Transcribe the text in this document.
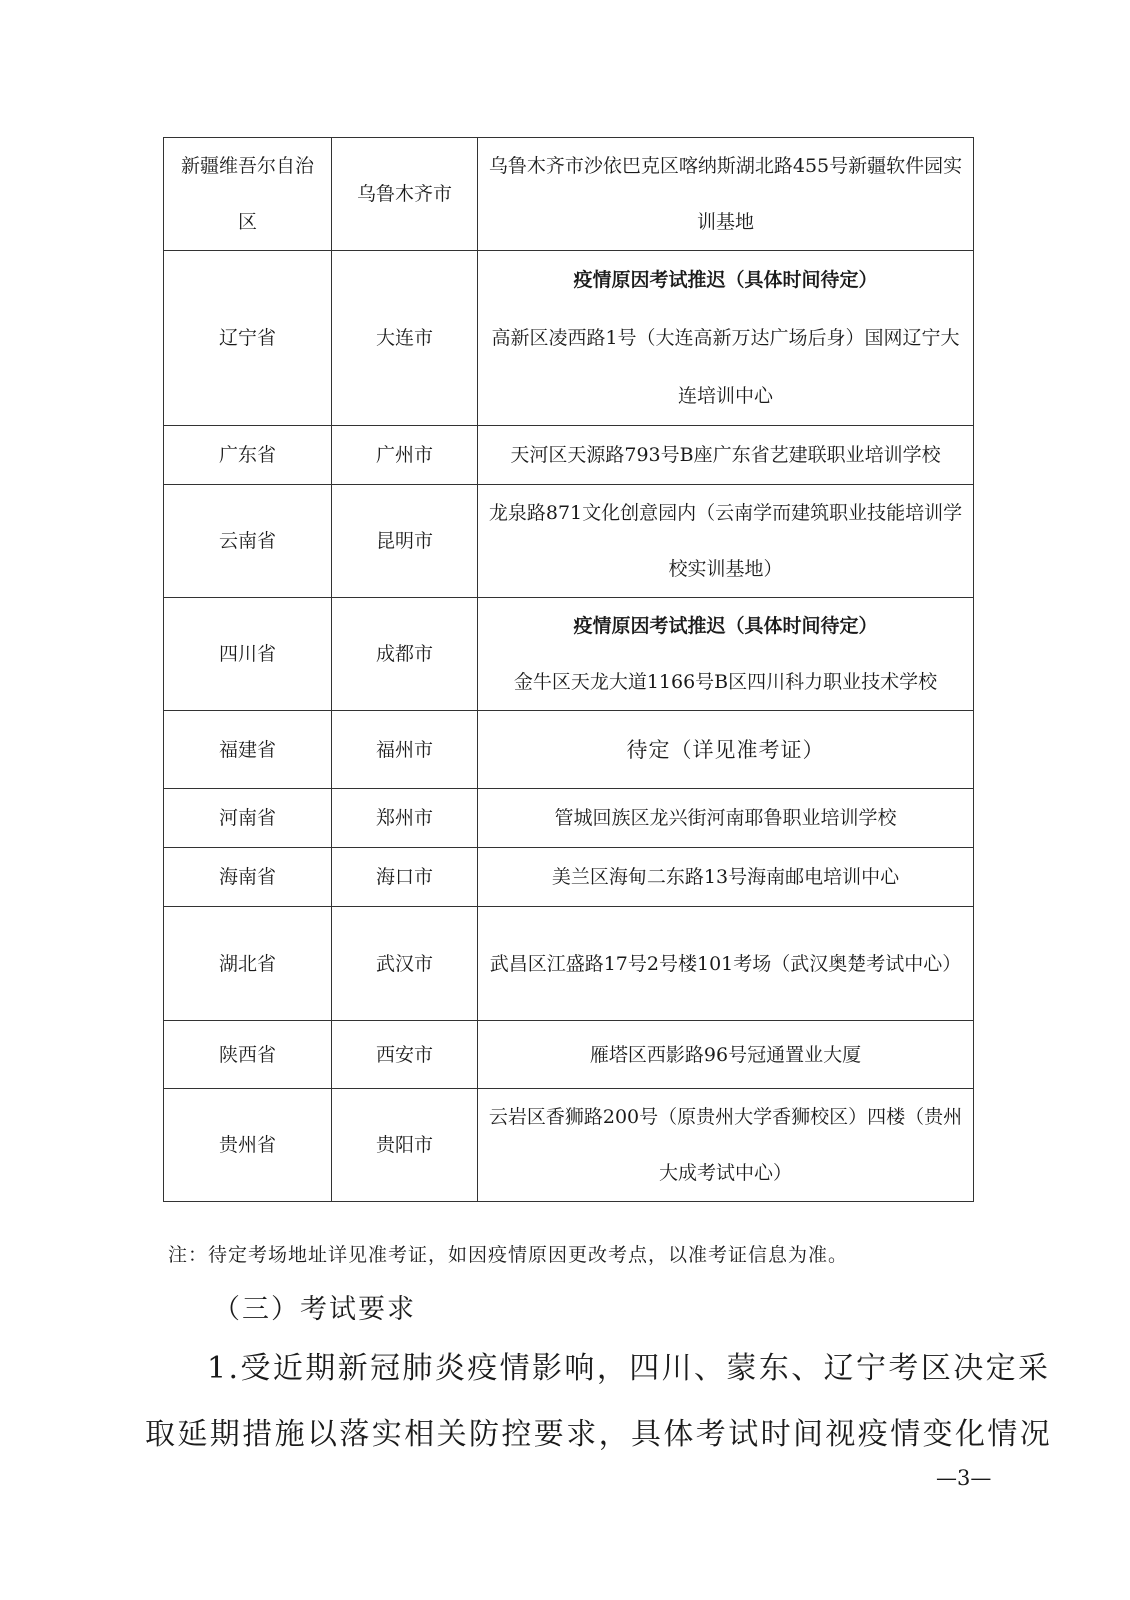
新疆维吾尔自治区	乌鲁木齐市	乌鲁木齐市沙依巴克区喀纳斯湖北路455号新疆软件园实训基地
辽宁省	大连市	疫情原因考试推迟（具体时间待定）
高新区凌西路1号（大连高新万达广场后身）国网辽宁大连培训中心

广东省	广州市	天河区天源路793号B座广东省艺建联职业培训学校
云南省	昆明市	龙泉路871文化创意园内（云南学而建筑职业技能培训学校实训基地）
四川省	成都市	疫情原因考试推迟（具体时间待定）
金牛区天龙大道1166号B区四川科力职业技术学校

福建省	福州市	待定（详见准考证）
河南省	郑州市	管城回族区龙兴街河南耶鲁职业培训学校
海南省	海口市	美兰区海甸二东路13号海南邮电培训中心
湖北省	武汉市	武昌区江盛路17号2号楼101考场（武汉奥楚考试中心）
陕西省	西安市	雁塔区西影路96号冠通置业大厦
贵州省	贵阳市	云岩区香狮路200号（原贵州大学香狮校区）四楼（贵州大成考试中心）
注：待定考场地址详见准考证，如因疫情原因更改考点，以准考证信息为准。
（三）考试要求
1.受近期新冠肺炎疫情影响，四川、蒙东、辽宁考区决定采
取延期措施以落实相关防控要求，具体考试时间视疫情变化情况
—3—
